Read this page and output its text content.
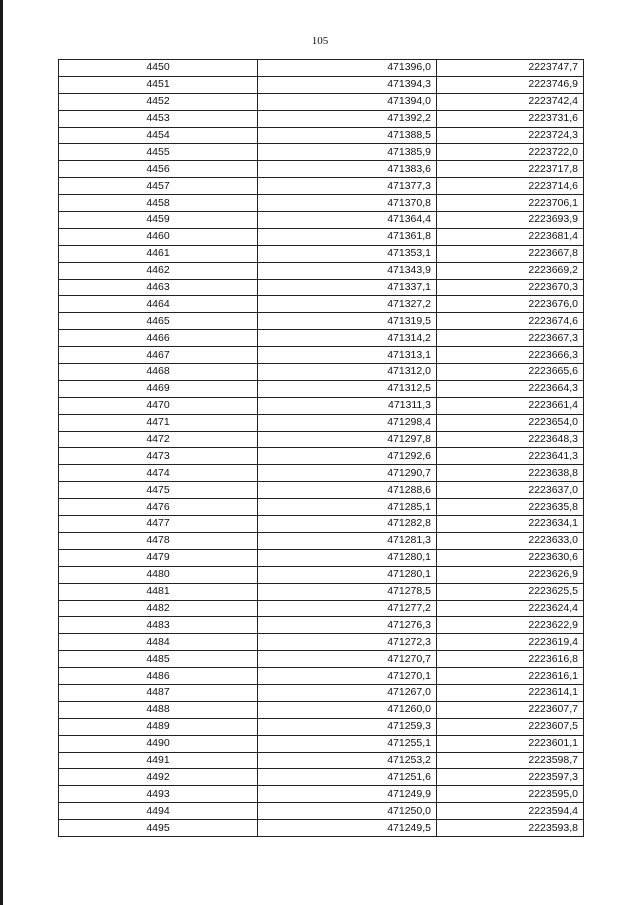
105
4450	471396,0	2223747,7
4451	471394,3	2223746,9
4452	471394,0	2223742,4
4453	471392,2	2223731,6
4454	471388,5	2223724,3
4455	471385,9	2223722,0
4456	471383,6	2223717,8
4457	471377,3	2223714,6
4458	471370,8	2223706,1
4459	471364,4	2223693,9
4460	471361,8	2223681,4
4461	471353,1	2223667,8
4462	471343,9	2223669,2
4463	471337,1	2223670,3
4464	471327,2	2223676,0
4465	471319,5	2223674,6
4466	471314,2	2223667,3
4467	471313,1	2223666,3
4468	471312,0	2223665,6
4469	471312,5	2223664,3
4470	471311,3	2223661,4
4471	471298,4	2223654,0
4472	471297,8	2223648,3
4473	471292,6	2223641,3
4474	471290,7	2223638,8
4475	471288,6	2223637,0
4476	471285,1	2223635,8
4477	471282,8	2223634,1
4478	471281,3	2223633,0
4479	471280,1	2223630,6
4480	471280,1	2223626,9
4481	471278,5	2223625,5
4482	471277,2	2223624,4
4483	471276,3	2223622,9
4484	471272,3	2223619,4
4485	471270,7	2223616,8
4486	471270,1	2223616,1
4487	471267,0	2223614,1
4488	471260,0	2223607,7
4489	471259,3	2223607,5
4490	471255,1	2223601,1
4491	471253,2	2223598,7
4492	471251,6	2223597,3
4493	471249,9	2223595,0
4494	471250,0	2223594,4
4495	471249,5	2223593,8
